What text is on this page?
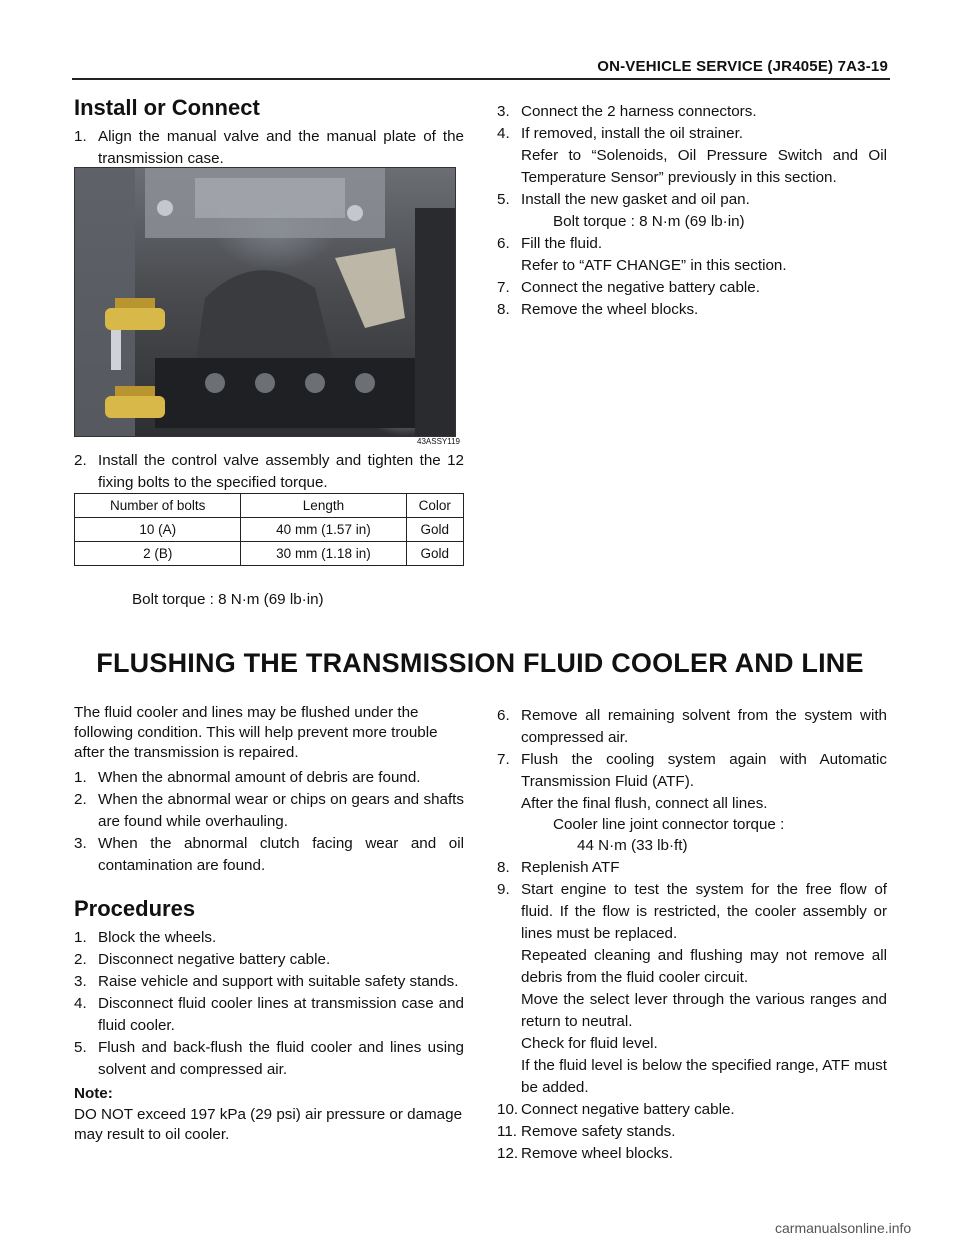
ON-VEHICLE SERVICE (JR405E) 7A3-19
Install or Connect
1. Align the manual valve and the manual plate of the transmission case.
43ASSY119
2. Install the control valve assembly and tighten the 12 fixing bolts to the specified torque.
Number of bolts	Length	Color
10 (A)	40 mm (1.57 in)	Gold
2 (B)	30 mm (1.18 in)	Gold
Bolt torque : 8 N·m (69 lb·in)
3. Connect the 2 harness connectors.
4. If removed, install the oil strainer.
Refer to “Solenoids, Oil Pressure Switch and Oil Temperature Sensor” previously in this section.
5. Install the new gasket and oil pan.
Bolt torque : 8 N·m (69 lb·in)
6. Fill the fluid.
Refer to “ATF CHANGE” in this section.
7. Connect the negative battery cable.
8. Remove the wheel blocks.
FLUSHING THE TRANSMISSION FLUID COOLER AND LINE

The fluid cooler and lines may be flushed under the following condition. This will help prevent more trouble after the transmission is repaired.

1. When the abnormal amount of debris are found.
2. When the abnormal wear or chips on gears and shafts are found while overhauling.
3. When the abnormal clutch facing wear and oil contamination are found.
Procedures
1. Block the wheels.
2. Disconnect negative battery cable.
3. Raise vehicle and support with suitable safety stands.
4. Disconnect fluid cooler lines at transmission case and fluid cooler.
5. Flush and back-flush the fluid cooler and lines using solvent and compressed air.
Note:

DO NOT exceed 197 kPa (29 psi) air pressure or damage may result to oil cooler.

6. Remove all remaining solvent from the system with compressed air.
7. Flush the cooling system again with Automatic Transmission Fluid (ATF).
After the final flush, connect all lines.
Cooler line joint connector torque :
44 N·m (33 lb·ft)
8. Replenish ATF
9. Start engine to test the system for the free flow of fluid. If the flow is restricted, the cooler assembly or lines must be replaced.
Repeated cleaning and flushing may not remove all debris from the fluid cooler circuit.
Move the select lever through the various ranges and return to neutral.
Check for fluid level.
If the fluid level is below the specified range, ATF must be added.
10. Connect negative battery cable.
11. Remove safety stands.
12. Remove wheel blocks.
carmanualsonline.info
